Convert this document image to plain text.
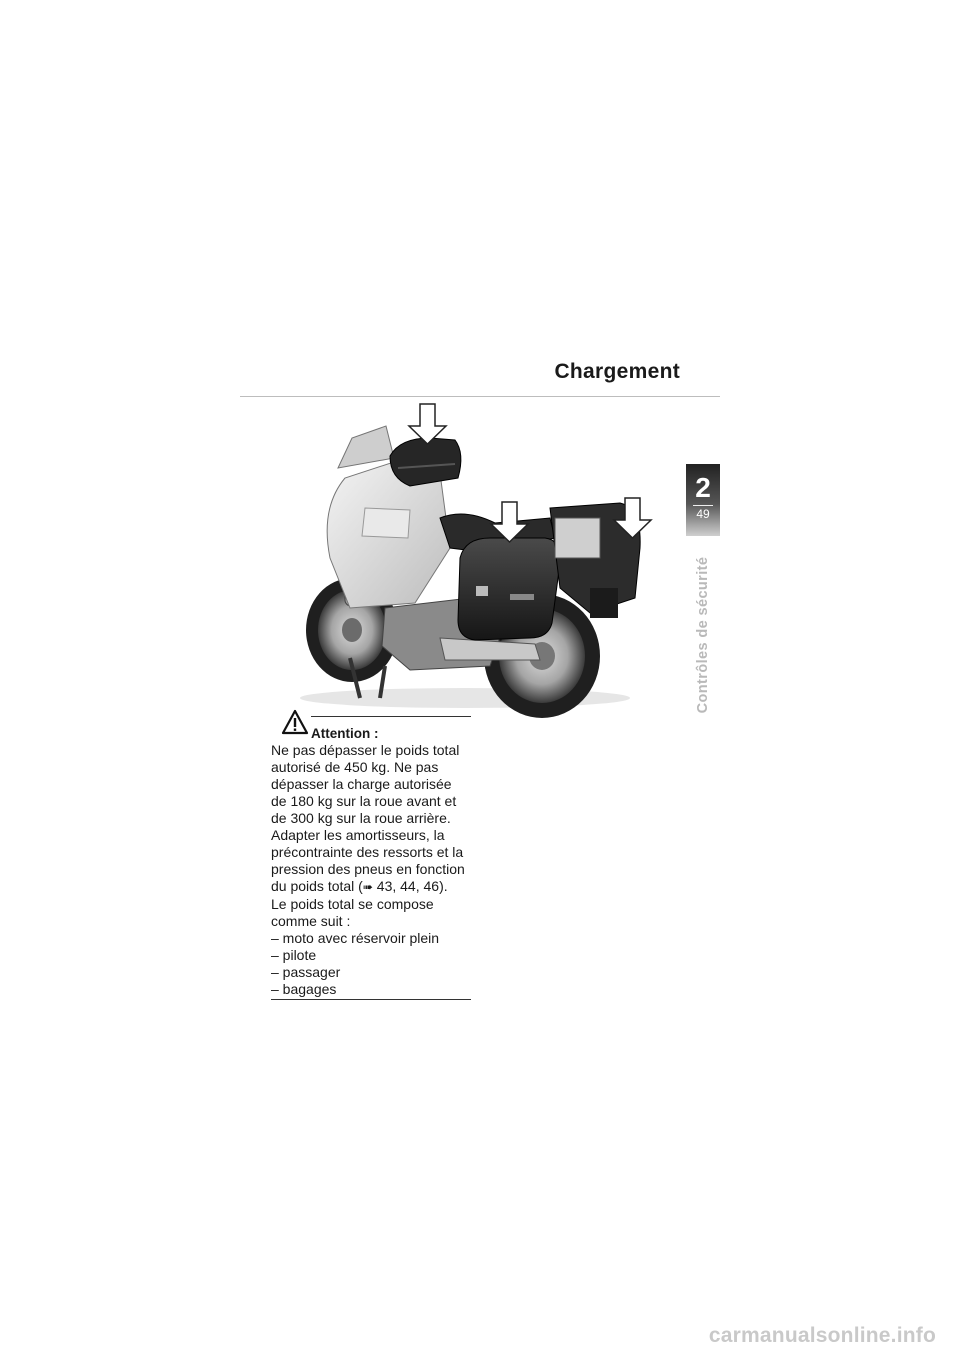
Chargement
2
49
Contrôles de sécurité
Attention :

Ne pas dépasser le poids total autorisé de 450 kg. Ne pas dépasser la charge autorisée de 180 kg sur la roue avant et de 300 kg sur la roue arrière.

Adapter les amortisseurs, la précontrainte des ressorts et la pression des pneus en fonction du poids total (➠ 43, 44, 46).

Le poids total se compose comme suit :

– moto avec réservoir plein
– pilote
– passager
– bagages
carmanualsonline.info
